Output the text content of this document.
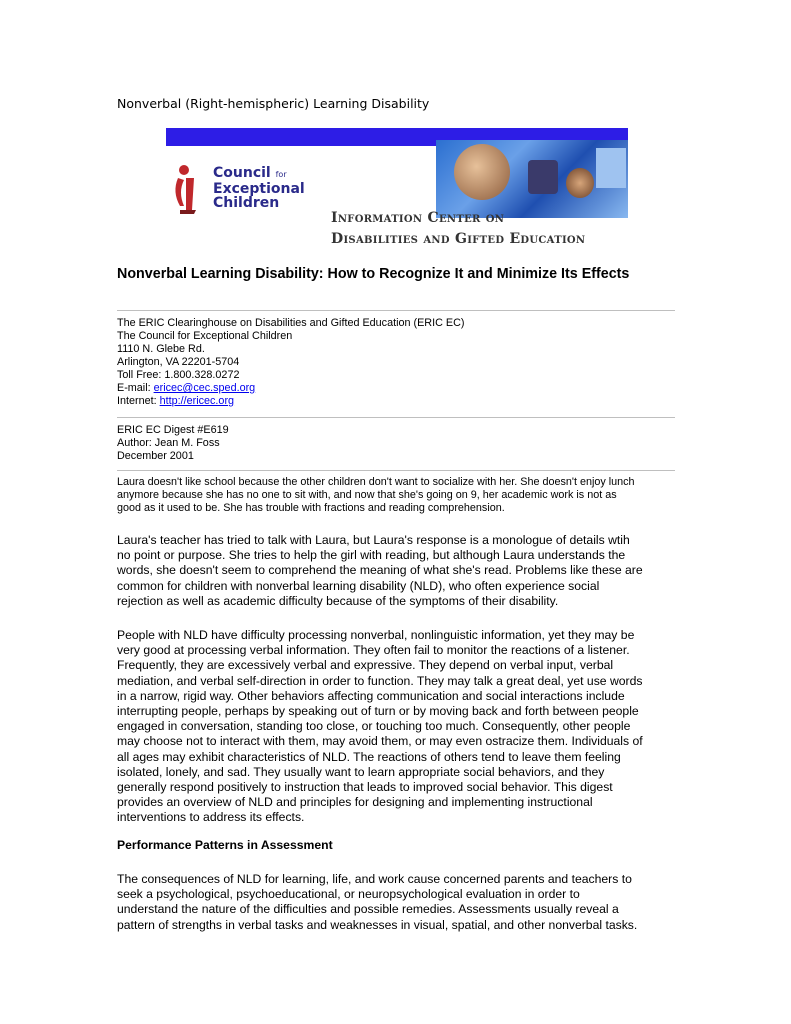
Nonverbal (Right-hemispheric) Learning Disability
Council for
Exceptional
Children
Information Center on
Disabilities and Gifted Education
Nonverbal Learning Disability: How to Recognize It and Minimize Its Effects
The ERIC Clearinghouse on Disabilities and Gifted Education (ERIC EC)
The Council for Exceptional Children
1110 N. Glebe Rd.
Arlington, VA 22201-5704
Toll Free: 1.800.328.0272
E-mail: ericec@cec.sped.org
Internet: http://ericec.org
ERIC EC Digest #E619
Author: Jean M. Foss
December 2001
Laura doesn't like school because the other children don't want to socialize with her. She doesn't enjoy lunch
anymore because she has no one to sit with, and now that she's going on 9, her academic work is not as
good as it used to be. She has trouble with fractions and reading comprehension.
Laura's teacher has tried to talk with Laura, but Laura's response is a monologue of details wtih
no point or purpose. She tries to help the girl with reading, but although Laura understands the
words, she doesn't seem to comprehend the meaning of what she's read. Problems like these are
common for children with nonverbal learning disability (NLD), who often experience social
rejection as well as academic difficulty because of the symptoms of their disability.
People with NLD have difficulty processing nonverbal, nonlinguistic information, yet they may be
very good at processing verbal information. They often fail to monitor the reactions of a listener.
Frequently, they are excessively verbal and expressive. They depend on verbal input, verbal
mediation, and verbal self-direction in order to function. They may talk a great deal, yet use words
in a narrow, rigid way. Other behaviors affecting communication and social interactions include
interrupting people, perhaps by speaking out of turn or by moving back and forth between people
engaged in conversation, standing too close, or touching too much. Consequently, other people
may choose not to interact with them, may avoid them, or may even ostracize them. Individuals of
all ages may exhibit characteristics of NLD. The reactions of others tend to leave them feeling
isolated, lonely, and sad. They usually want to learn appropriate social behaviors, and they
generally respond positively to instruction that leads to improved social behavior. This digest
provides an overview of NLD and principles for designing and implementing instructional
interventions to address its effects.
Performance Patterns in Assessment
The consequences of NLD for learning, life, and work cause concerned parents and teachers to
seek a psychological, psychoeducational, or neuropsychological evaluation in order to
understand the nature of the difficulties and possible remedies. Assessments usually reveal a
pattern of strengths in verbal tasks and weaknesses in visual, spatial, and other nonverbal tasks.
